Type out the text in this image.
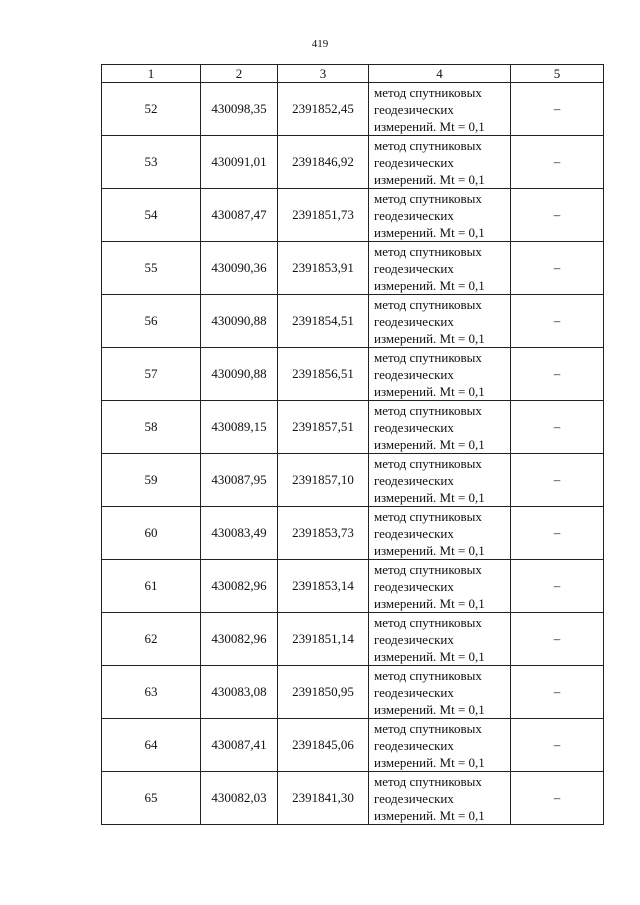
419
1	2	3	4	5
52	430098,35	2391852,45	метод спутниковых
геодезических
измерений. Mt = 0,1	–
53	430091,01	2391846,92	метод спутниковых
геодезических
измерений. Mt = 0,1	–
54	430087,47	2391851,73	метод спутниковых
геодезических
измерений. Mt = 0,1	–
55	430090,36	2391853,91	метод спутниковых
геодезических
измерений. Mt = 0,1	–
56	430090,88	2391854,51	метод спутниковых
геодезических
измерений. Mt = 0,1	–
57	430090,88	2391856,51	метод спутниковых
геодезических
измерений. Mt = 0,1	–
58	430089,15	2391857,51	метод спутниковых
геодезических
измерений. Mt = 0,1	–
59	430087,95	2391857,10	метод спутниковых
геодезических
измерений. Mt = 0,1	–
60	430083,49	2391853,73	метод спутниковых
геодезических
измерений. Mt = 0,1	–
61	430082,96	2391853,14	метод спутниковых
геодезических
измерений. Mt = 0,1	–
62	430082,96	2391851,14	метод спутниковых
геодезических
измерений. Mt = 0,1	–
63	430083,08	2391850,95	метод спутниковых
геодезических
измерений. Mt = 0,1	–
64	430087,41	2391845,06	метод спутниковых
геодезических
измерений. Mt = 0,1	–
65	430082,03	2391841,30	метод спутниковых
геодезических
измерений. Mt = 0,1	–
